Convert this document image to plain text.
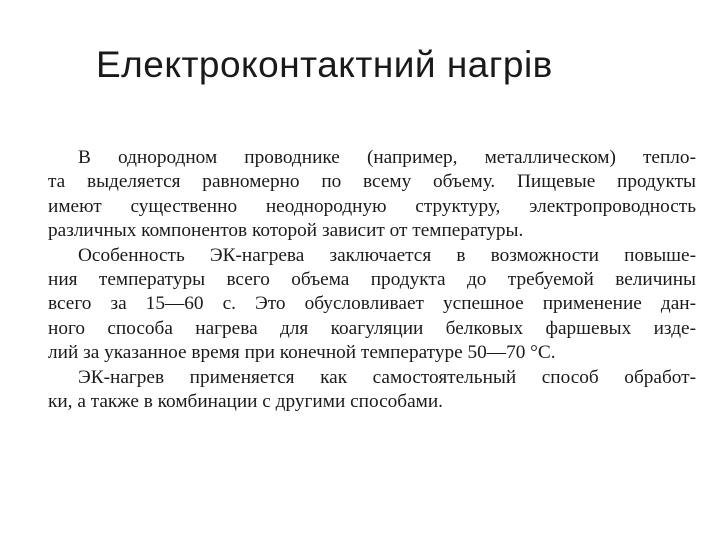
Електроконтактний нагрів
В однородном проводнике (например, металлическом) тепло-
та выделяется равномерно по всему объему. Пищевые продукты
имеют существенно неоднородную структуру, электропроводность
различных компонентов которой зависит от температуры.
Особенность ЭК-нагрева заключается в возможности повыше-
ния температуры всего объема продукта до требуемой величины
всего за 15—60 с. Это обусловливает успешное применение дан-
ного способа нагрева для коагуляции белковых фаршевых изде-
лий за указанное время при конечной температуре 50—70 °С.
ЭК-нагрев применяется как самостоятельный способ обработ-
ки, а также в комбинации с другими способами.
